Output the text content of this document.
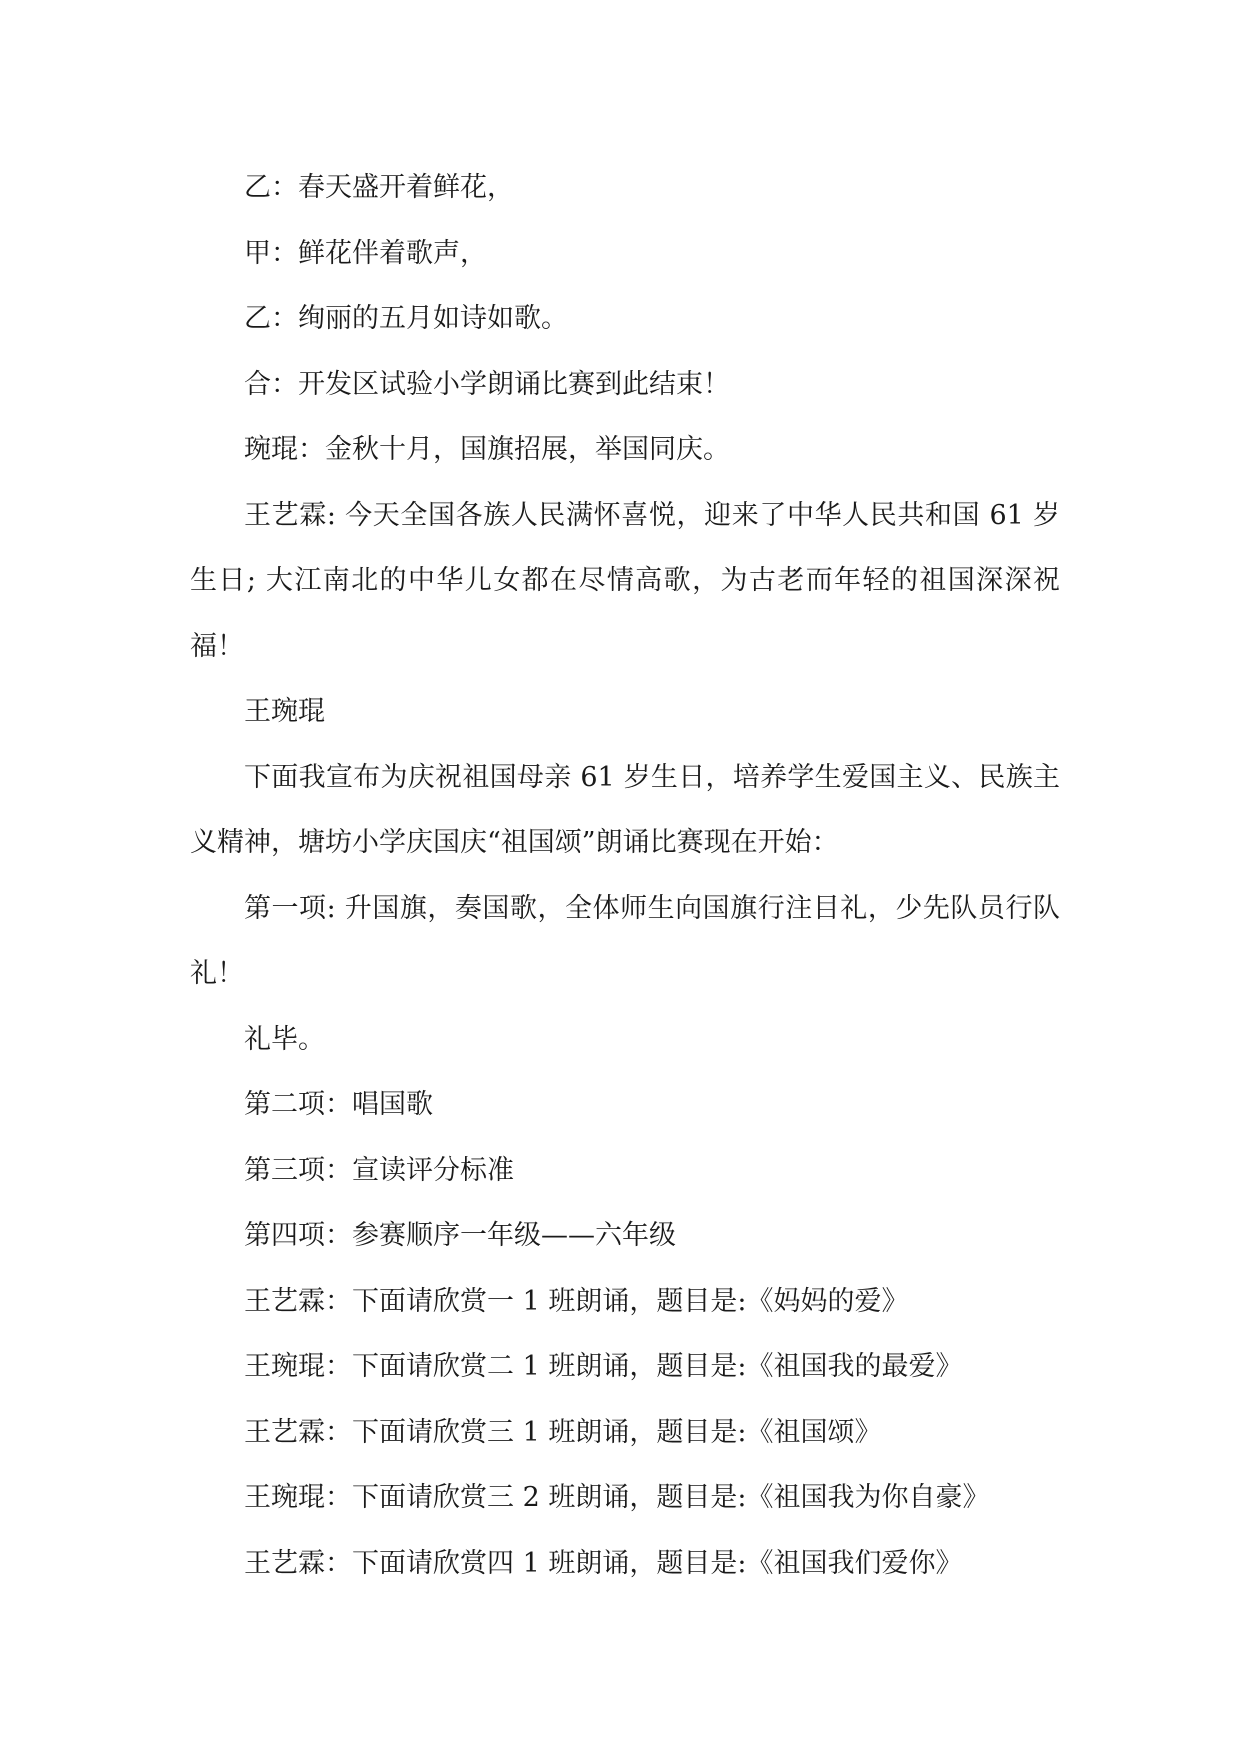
乙：春天盛开着鲜花，

甲：鲜花伴着歌声，

乙：绚丽的五月如诗如歌。

合：开发区试验小学朗诵比赛到此结束！

琬琨：金秋十月，国旗招展，举国同庆。

王艺霖: 今天全国各族人民满怀喜悦，迎来了中华人民共和国 61 岁生日; 大江南北的中华儿女都在尽情高歌，为古老而年轻的祖国深深祝福！

王琬琨

下面我宣布为庆祝祖国母亲 61 岁生日，培养学生爱国主义、民族主义精神，塘坊小学庆国庆“祖国颂”朗诵比赛现在开始：

第一项: 升国旗，奏国歌，全体师生向国旗行注目礼，少先队员行队礼！

礼毕。

第二项：唱国歌

第三项：宣读评分标准

第四项：参赛顺序一年级——六年级

王艺霖：下面请欣赏一 1 班朗诵，题目是:《妈妈的爱》

王琬琨：下面请欣赏二 1 班朗诵，题目是:《祖国我的最爱》

王艺霖：下面请欣赏三 1 班朗诵，题目是:《祖国颂》

王琬琨：下面请欣赏三 2 班朗诵，题目是:《祖国我为你自豪》

王艺霖：下面请欣赏四 1 班朗诵，题目是:《祖国我们爱你》
